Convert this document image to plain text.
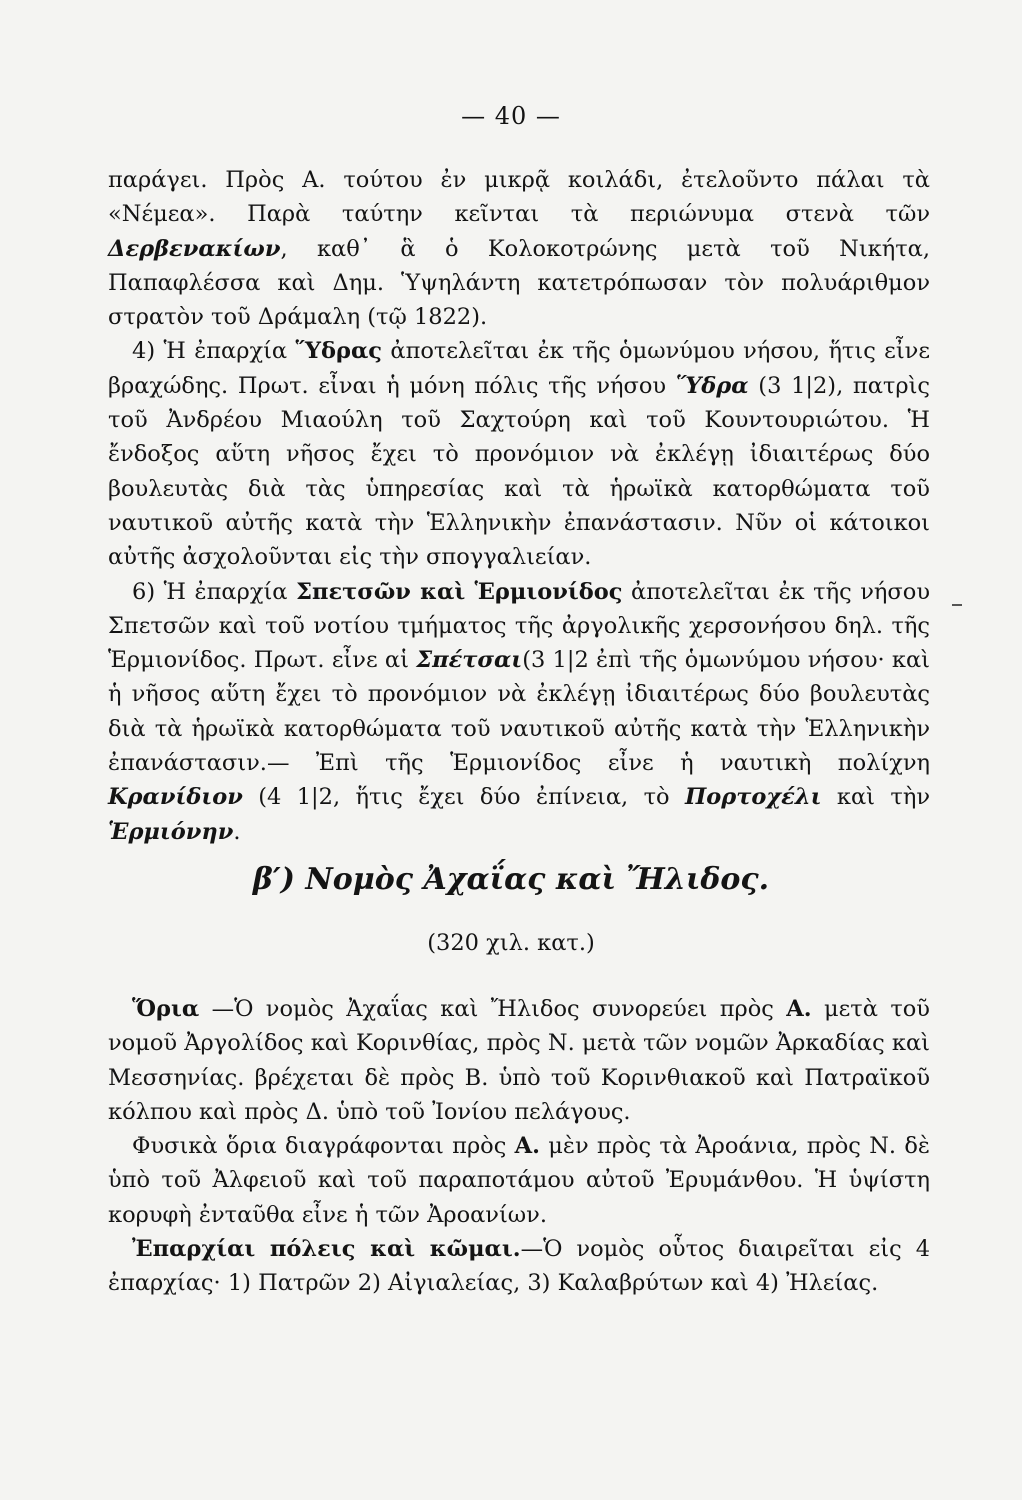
— 40 —

παράγει. Πρὸς Α. τούτου ἐν μικρᾷ κοιλάδι, ἐτελοῦντο πάλαι τὰ «Νέμεα». Παρὰ ταύτην κεῖνται τὰ περιώνυμα στενὰ τῶν Δερβενακίων, καθ᾽ ἃ ὁ Κολοκοτρώνης μετὰ τοῦ Νικήτα, Παπαφλέσσα καὶ Δημ. Ὑψηλάντη κατετρόπωσαν τὸν πολυάριθμον στρατὸν τοῦ Δράμαλη (τῷ 1822).

4) Ἡ ἐπαρχία Ὕδρας ἀποτελεῖται ἐκ τῆς ὁμωνύμου νήσου, ἥτις εἶνε βραχώδης. Πρωτ. εἶναι ἡ μόνη πόλις τῆς νήσου Ὕδρα (3 1|2), πατρὶς τοῦ Ἀνδρέου Μιαούλη τοῦ Σαχτούρη καὶ τοῦ Κουντουριώτου. Ἡ ἔνδοξος αὕτη νῆσος ἔχει τὸ προνόμιον νὰ ἐκλέγῃ ἰδιαιτέρως δύο βουλευτὰς διὰ τὰς ὑπηρεσίας καὶ τὰ ἡρωϊκὰ κατορθώματα τοῦ ναυτικοῦ αὐτῆς κατὰ τὴν Ἑλληνικὴν ἐπανάστασιν. Νῦν οἱ κάτοικοι αὐτῆς ἀσχολοῦνται εἰς τὴν σπογγαλιείαν.

6) Ἡ ἐπαρχία Σπετσῶν καὶ Ἑρμιονίδος ἀποτελεῖται ἐκ τῆς νήσου Σπετσῶν καὶ τοῦ νοτίου τμήματος τῆς ἀργολικῆς χερσονήσου δηλ. τῆς Ἑρμιονίδος. Πρωτ. εἶνε αἱ Σπέτσαι(3 1|2 ἐπὶ τῆς ὁμωνύμου νήσου· καὶ ἡ νῆσος αὕτη ἔχει τὸ προνόμιον νὰ ἐκλέγῃ ἰδιαιτέρως δύο βουλευτὰς διὰ τὰ ἡρωϊκὰ κατορθώματα τοῦ ναυτικοῦ αὐτῆς κατὰ τὴν Ἑλληνικὴν ἐπανάστασιν.— Ἐπὶ τῆς Ἑρμιονίδος εἶνε ἡ ναυτικὴ πολίχνη Κρανίδιον (4 1|2, ἥτις ἔχει δύο ἐπίνεια, τὸ Πορτοχέλι καὶ τὴν Ἑρμιόνην.

β′) Νομὸς Ἀχαΐας καὶ Ἤλιδος.
(320 χιλ. κατ.)

Ὅρια —Ὁ νομὸς Ἀχαΐας καὶ Ἤλιδος συνορεύει πρὸς Α. μετὰ τοῦ νομοῦ Ἀργολίδος καὶ Κορινθίας, πρὸς Ν. μετὰ τῶν νομῶν Ἀρκαδίας καὶ Μεσσηνίας. βρέχεται δὲ πρὸς Β. ὑπὸ τοῦ Κορινθιακοῦ καὶ Πατραϊκοῦ κόλπου καὶ πρὸς Δ. ὑπὸ τοῦ Ἰονίου πελάγους.

Φυσικὰ ὅρια διαγράφονται πρὸς Α. μὲν πρὸς τὰ Ἀροάνια, πρὸς Ν. δὲ ὑπὸ τοῦ Ἀλφειοῦ καὶ τοῦ παραποτάμου αὐτοῦ Ἐρυμάνθου. Ἡ ὑψίστη κορυφὴ ἐνταῦθα εἶνε ἡ τῶν Ἀροανίων.

Ἐπαρχίαι πόλεις καὶ κῶμαι.—Ὁ νομὸς οὗτος διαιρεῖται εἰς 4 ἐπαρχίας· 1) Πατρῶν 2) Αἰγιαλείας, 3) Καλαβρύτων καὶ 4) Ἠλείας.
